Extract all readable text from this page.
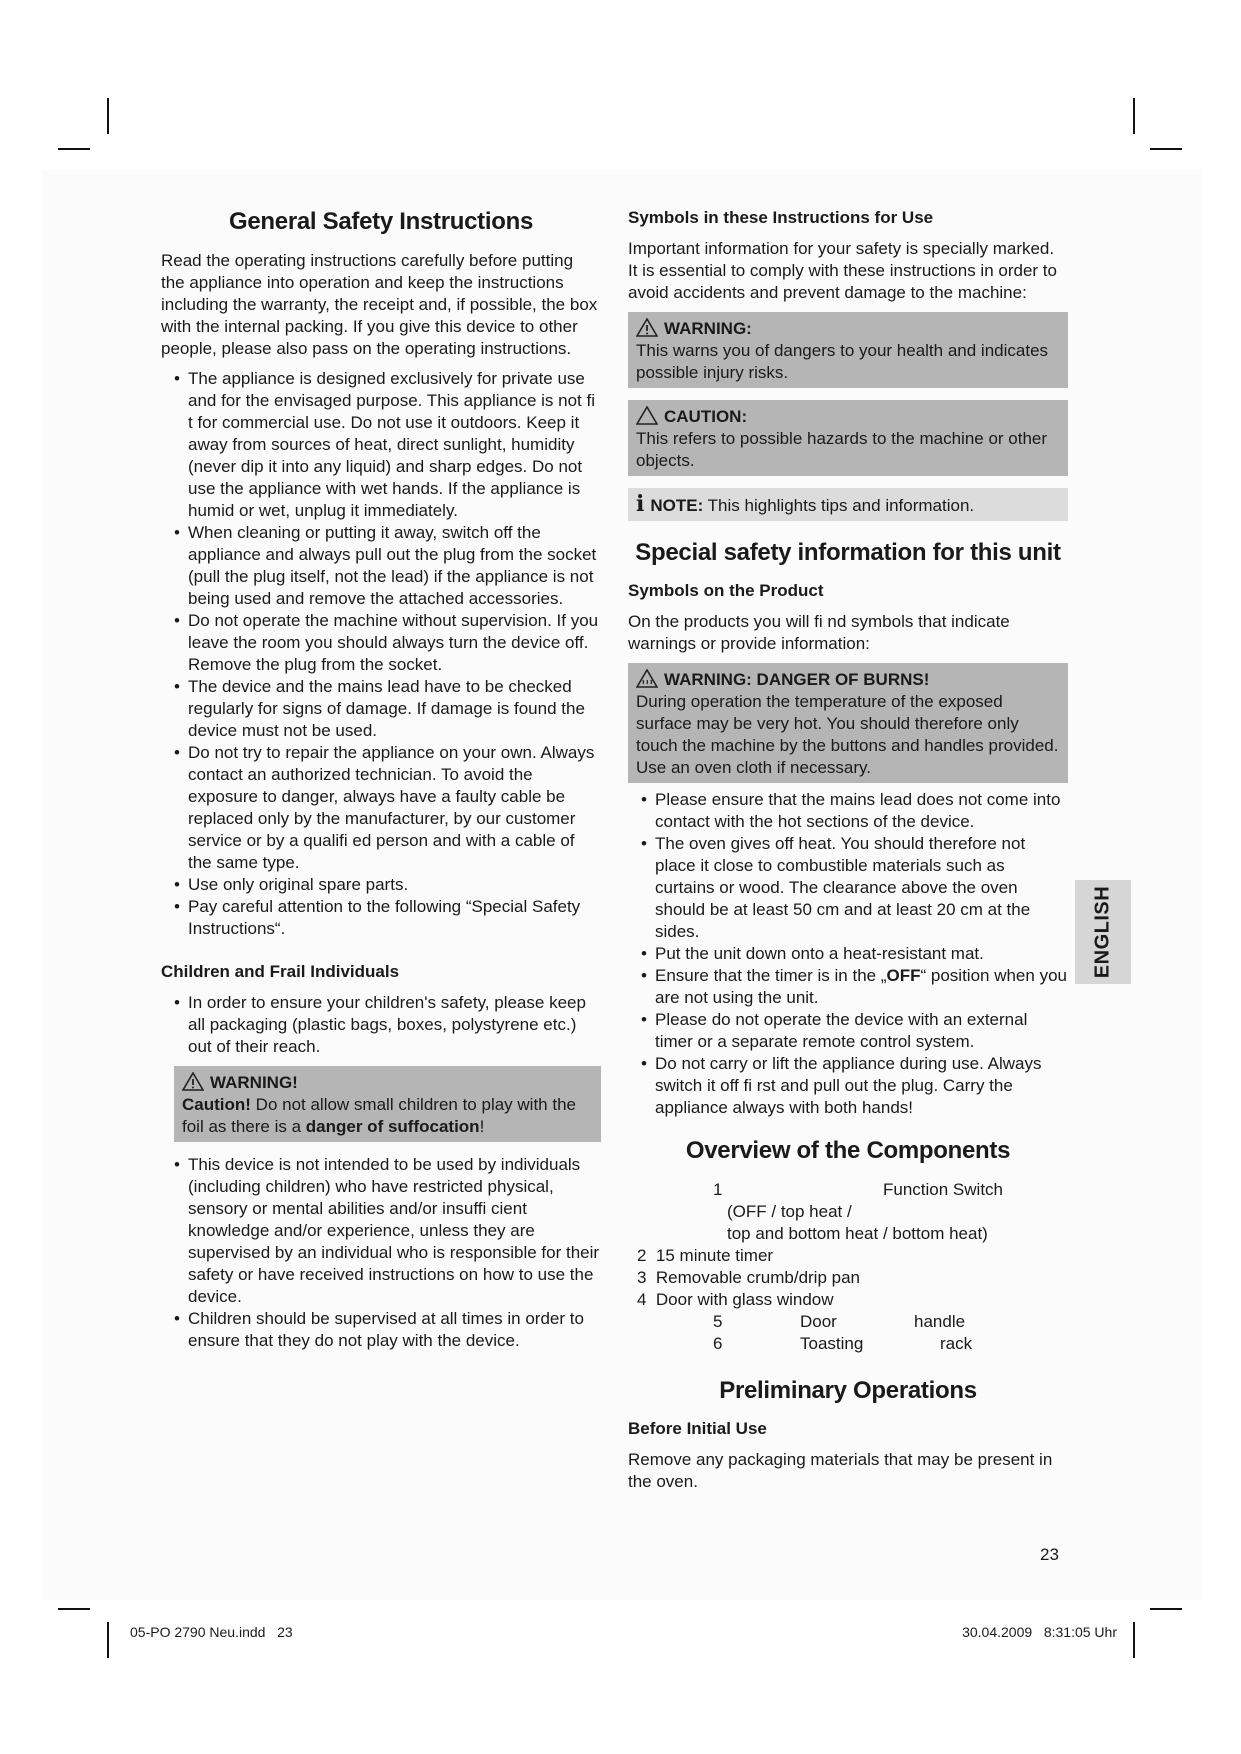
General Safety Instructions

Read the operating instructions carefully before putting the appliance into operation and keep the instructions including the warranty, the receipt and, if possible, the box with the internal packing. If you give this device to other people, please also pass on the operating instructions.

• The appliance is designed exclusively for private use and for the envisaged purpose. This appliance is not fi t for commercial use. Do not use it outdoors. Keep it away from sources of heat, direct sunlight, humidity (never dip it into any liquid) and sharp edges. Do not use the appliance with wet hands. If the appliance is humid or wet, unplug it immediately.
• When cleaning or putting it away, switch off the appliance and always pull out the plug from the socket (pull the plug itself, not the lead) if the appliance is not being used and remove the attached accessories.
• Do not operate the machine without supervision. If you leave the room you should always turn the device off. Remove the plug from the socket.
• The device and the mains lead have to be checked regularly for signs of damage. If damage is found the device must not be used.
• Do not try to repair the appliance on your own. Always contact an authorized technician. To avoid the exposure to danger, always have a faulty cable be replaced only by the manufacturer, by our customer service or by a qualifi ed person and with a cable of the same type.
• Use only original spare parts.
• Pay careful attention to the following “Special Safety Instructions“.
Children and Frail Individuals
• In order to ensure your children's safety, please keep all packaging (plastic bags, boxes, polystyrene etc.) out of their reach.
WARNING!

Caution! Do not allow small children to play with the foil as there is a danger of suffocation!

• This device is not intended to be used by individuals (including children) who have restricted physical, sensory or mental abilities and/or insuffi cient knowledge and/or experience, unless they are supervised by an individual who is responsible for their safety or have received instructions on how to use the device.
• Children should be supervised at all times in order to ensure that they do not play with the device.
Symbols in these Instructions for Use

Important information for your safety is specially marked. It is essential to comply with these instructions in order to avoid accidents and prevent damage to the machine:

WARNING:

This warns you of dangers to your health and indicates possible injury risks.

CAUTION:

This refers to possible hazards to the machine or other objects.

i NOTE: This highlights tips and information.

Special safety information for this unit
Symbols on the Product

On the products you will fi nd symbols that indicate warnings or provide information:

WARNING: DANGER OF BURNS!

During operation the temperature of the exposed surface may be very hot. You should therefore only touch the machine by the buttons and handles provided. Use an oven cloth if necessary.

• Please ensure that the mains lead does not come into contact with the hot sections of the device.
• The oven gives off heat. You should therefore not place it close to combustible materials such as curtains or wood. The clearance above the oven should be at least 50 cm and at least 20 cm at the sides.
• Put the unit down onto a heat-resistant mat.
• Ensure that the timer is in the „OFF“ position when you are not using the unit.
• Please do not operate the device with an external timer or a separate remote control system.
• Do not carry or lift the appliance during use. Always switch it off fi rst and pull out the plug. Carry the appliance always with both hands!
Overview of the Components
1	Function Switch
(OFF / top heat /
top and bottom heat / bottom heat)
2  15 minute timer
3  Removable crumb/drip pan
4  Door with glass window
5	Door	handle
6	Toasting	rack
Preliminary Operations
Before Initial Use

Remove any packaging materials that may be present in the oven.

ENGLISH
23
05-PO 2790 Neu.indd   23	30.04.2009   8:31:05 Uhr
